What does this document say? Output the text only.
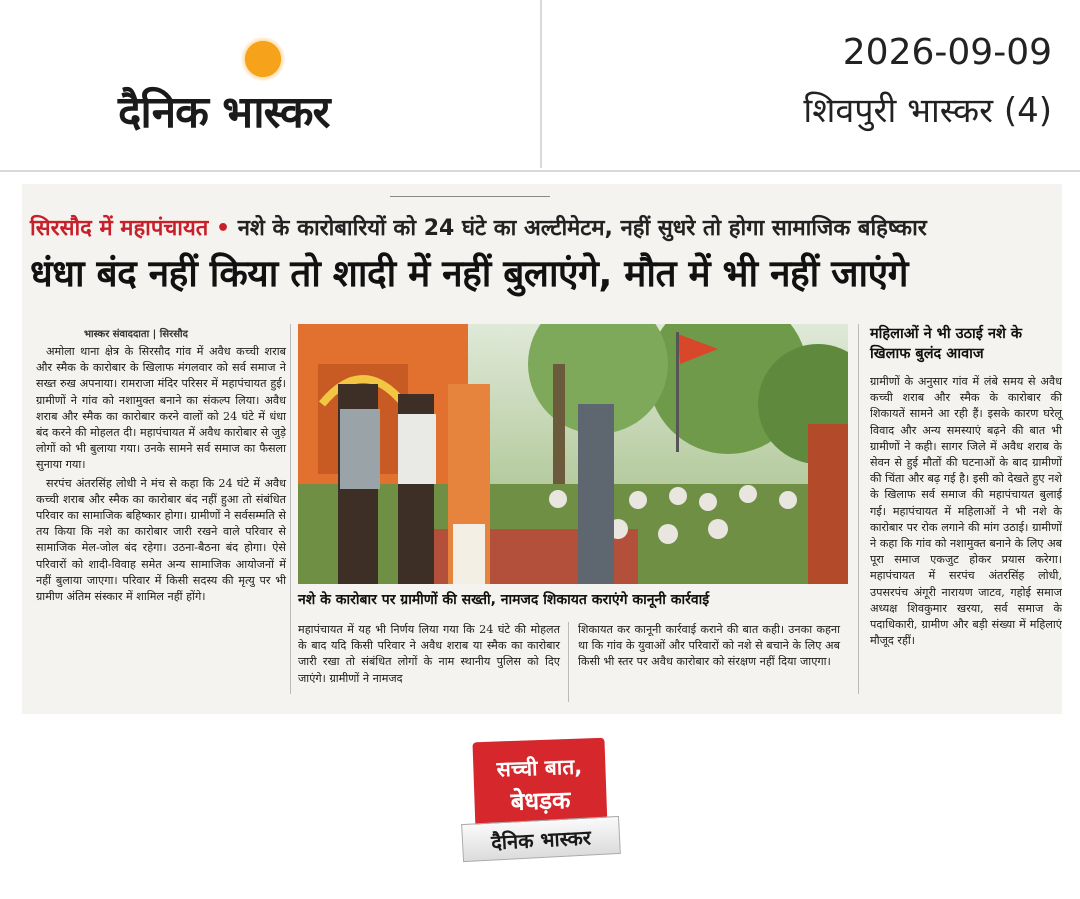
दैनिक भास्कर
2026-09-09
शिवपुरी भास्कर (4)
सिरसौद में महापंचायत • नशे के कारोबारियों को 24 घंटे का अल्टीमेटम, नहीं सुधरे तो होगा सामाजिक बहिष्कार
धंधा बंद नहीं किया तो शादी में नहीं बुलाएंगे, मौत में भी नहीं जाएंगे
भास्कर संवाददाता | सिरसौद

अमोला थाना क्षेत्र के सिरसौद गांव में अवैध कच्ची शराब और स्मैक के कारोबार के खिलाफ मंगलवार को सर्व समाज ने सख्त रुख अपनाया। रामराजा मंदिर परिसर में महापंचायत हुई। ग्रामीणों ने गांव को नशामुक्त बनाने का संकल्प लिया। अवैध शराब और स्मैक का कारोबार करने वालों को 24 घंटे में धंधा बंद करने की मोहलत दी। महापंचायत में अवैध कारोबार से जुड़े लोगों को भी बुलाया गया। उनके सामने सर्व समाज का फैसला सुनाया गया।

सरपंच अंतरसिंह लोधी ने मंच से कहा कि 24 घंटे में अवैध कच्ची शराब और स्मैक का कारोबार बंद नहीं हुआ तो संबंधित परिवार का सामाजिक बहिष्कार होगा। ग्रामीणों ने सर्वसम्मति से तय किया कि नशे का कारोबार जारी रखने वाले परिवार से सामाजिक मेल-जोल बंद रहेगा। उठना-बैठना बंद होगा। ऐसे परिवारों को शादी-विवाह समेत अन्य सामाजिक आयोजनों में नहीं बुलाया जाएगा। परिवार में किसी सदस्य की मृत्यु पर भी ग्रामीण अंतिम संस्कार में शामिल नहीं होंगे।	नशे के कारोबार पर ग्रामीणों की सख्ती, नामजद शिकायत कराएंगे कानूनी कार्रवाई
महापंचायत में यह भी निर्णय लिया गया कि 24 घंटे की मोहलत के बाद यदि किसी परिवार ने अवैध शराब या स्मैक का कारोबार जारी रखा तो संबंधित लोगों के नाम स्थानीय पुलिस को दिए जाएंगे। ग्रामीणों ने नामजद
शिकायत कर कानूनी कार्रवाई कराने की बात कही। उनका कहना था कि गांव के युवाओं और परिवारों को नशे से बचाने के लिए अब किसी भी स्तर पर अवैध कारोबार को संरक्षण नहीं दिया जाएगा।
महिलाओं ने भी उठाई नशे के खिलाफ बुलंद आवाज
ग्रामीणों के अनुसार गांव में लंबे समय से अवैध कच्ची शराब और स्मैक के कारोबार की शिकायतें सामने आ रही हैं। इसके कारण घरेलू विवाद और अन्य समस्याएं बढ़ने की बात भी ग्रामीणों ने कही। सागर जिले में अवैध शराब के सेवन से हुई मौतों की घटनाओं के बाद ग्रामीणों की चिंता और बढ़ गई है। इसी को देखते हुए नशे के खिलाफ सर्व समाज की महापंचायत बुलाई गई। महापंचायत में महिलाओं ने भी नशे के कारोबार पर रोक लगाने की मांग उठाई। ग्रामीणों ने कहा कि गांव को नशामुक्त बनाने के लिए अब पूरा समाज एकजुट होकर प्रयास करेगा। महापंचायत में सरपंच अंतरसिंह लोधी, उपसरपंच अंगूरी नारायण जाटव, गहोई समाज अध्यक्ष शिवकुमार खरया, सर्व समाज के पदाधिकारी, ग्रामीण और बड़ी संख्या में महिलाएं मौजूद रहीं।
सच्ची बात,
बेधड़क
दैनिक भास्कर
